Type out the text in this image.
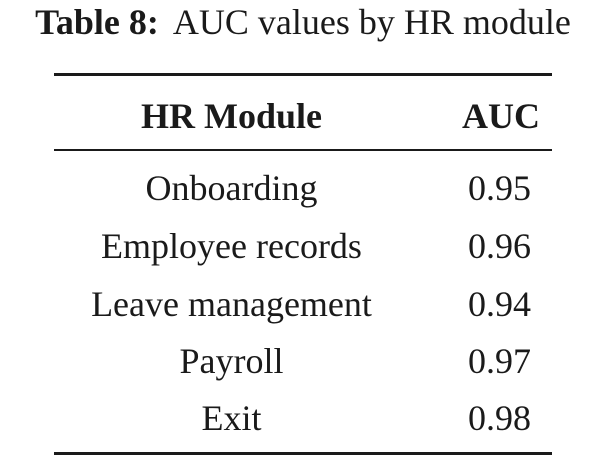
Table 8: AUC values by HR module
HR Module	AUC
Onboarding	0.95
Employee records	0.96
Leave management	0.94
Payroll	0.97
Exit	0.98
